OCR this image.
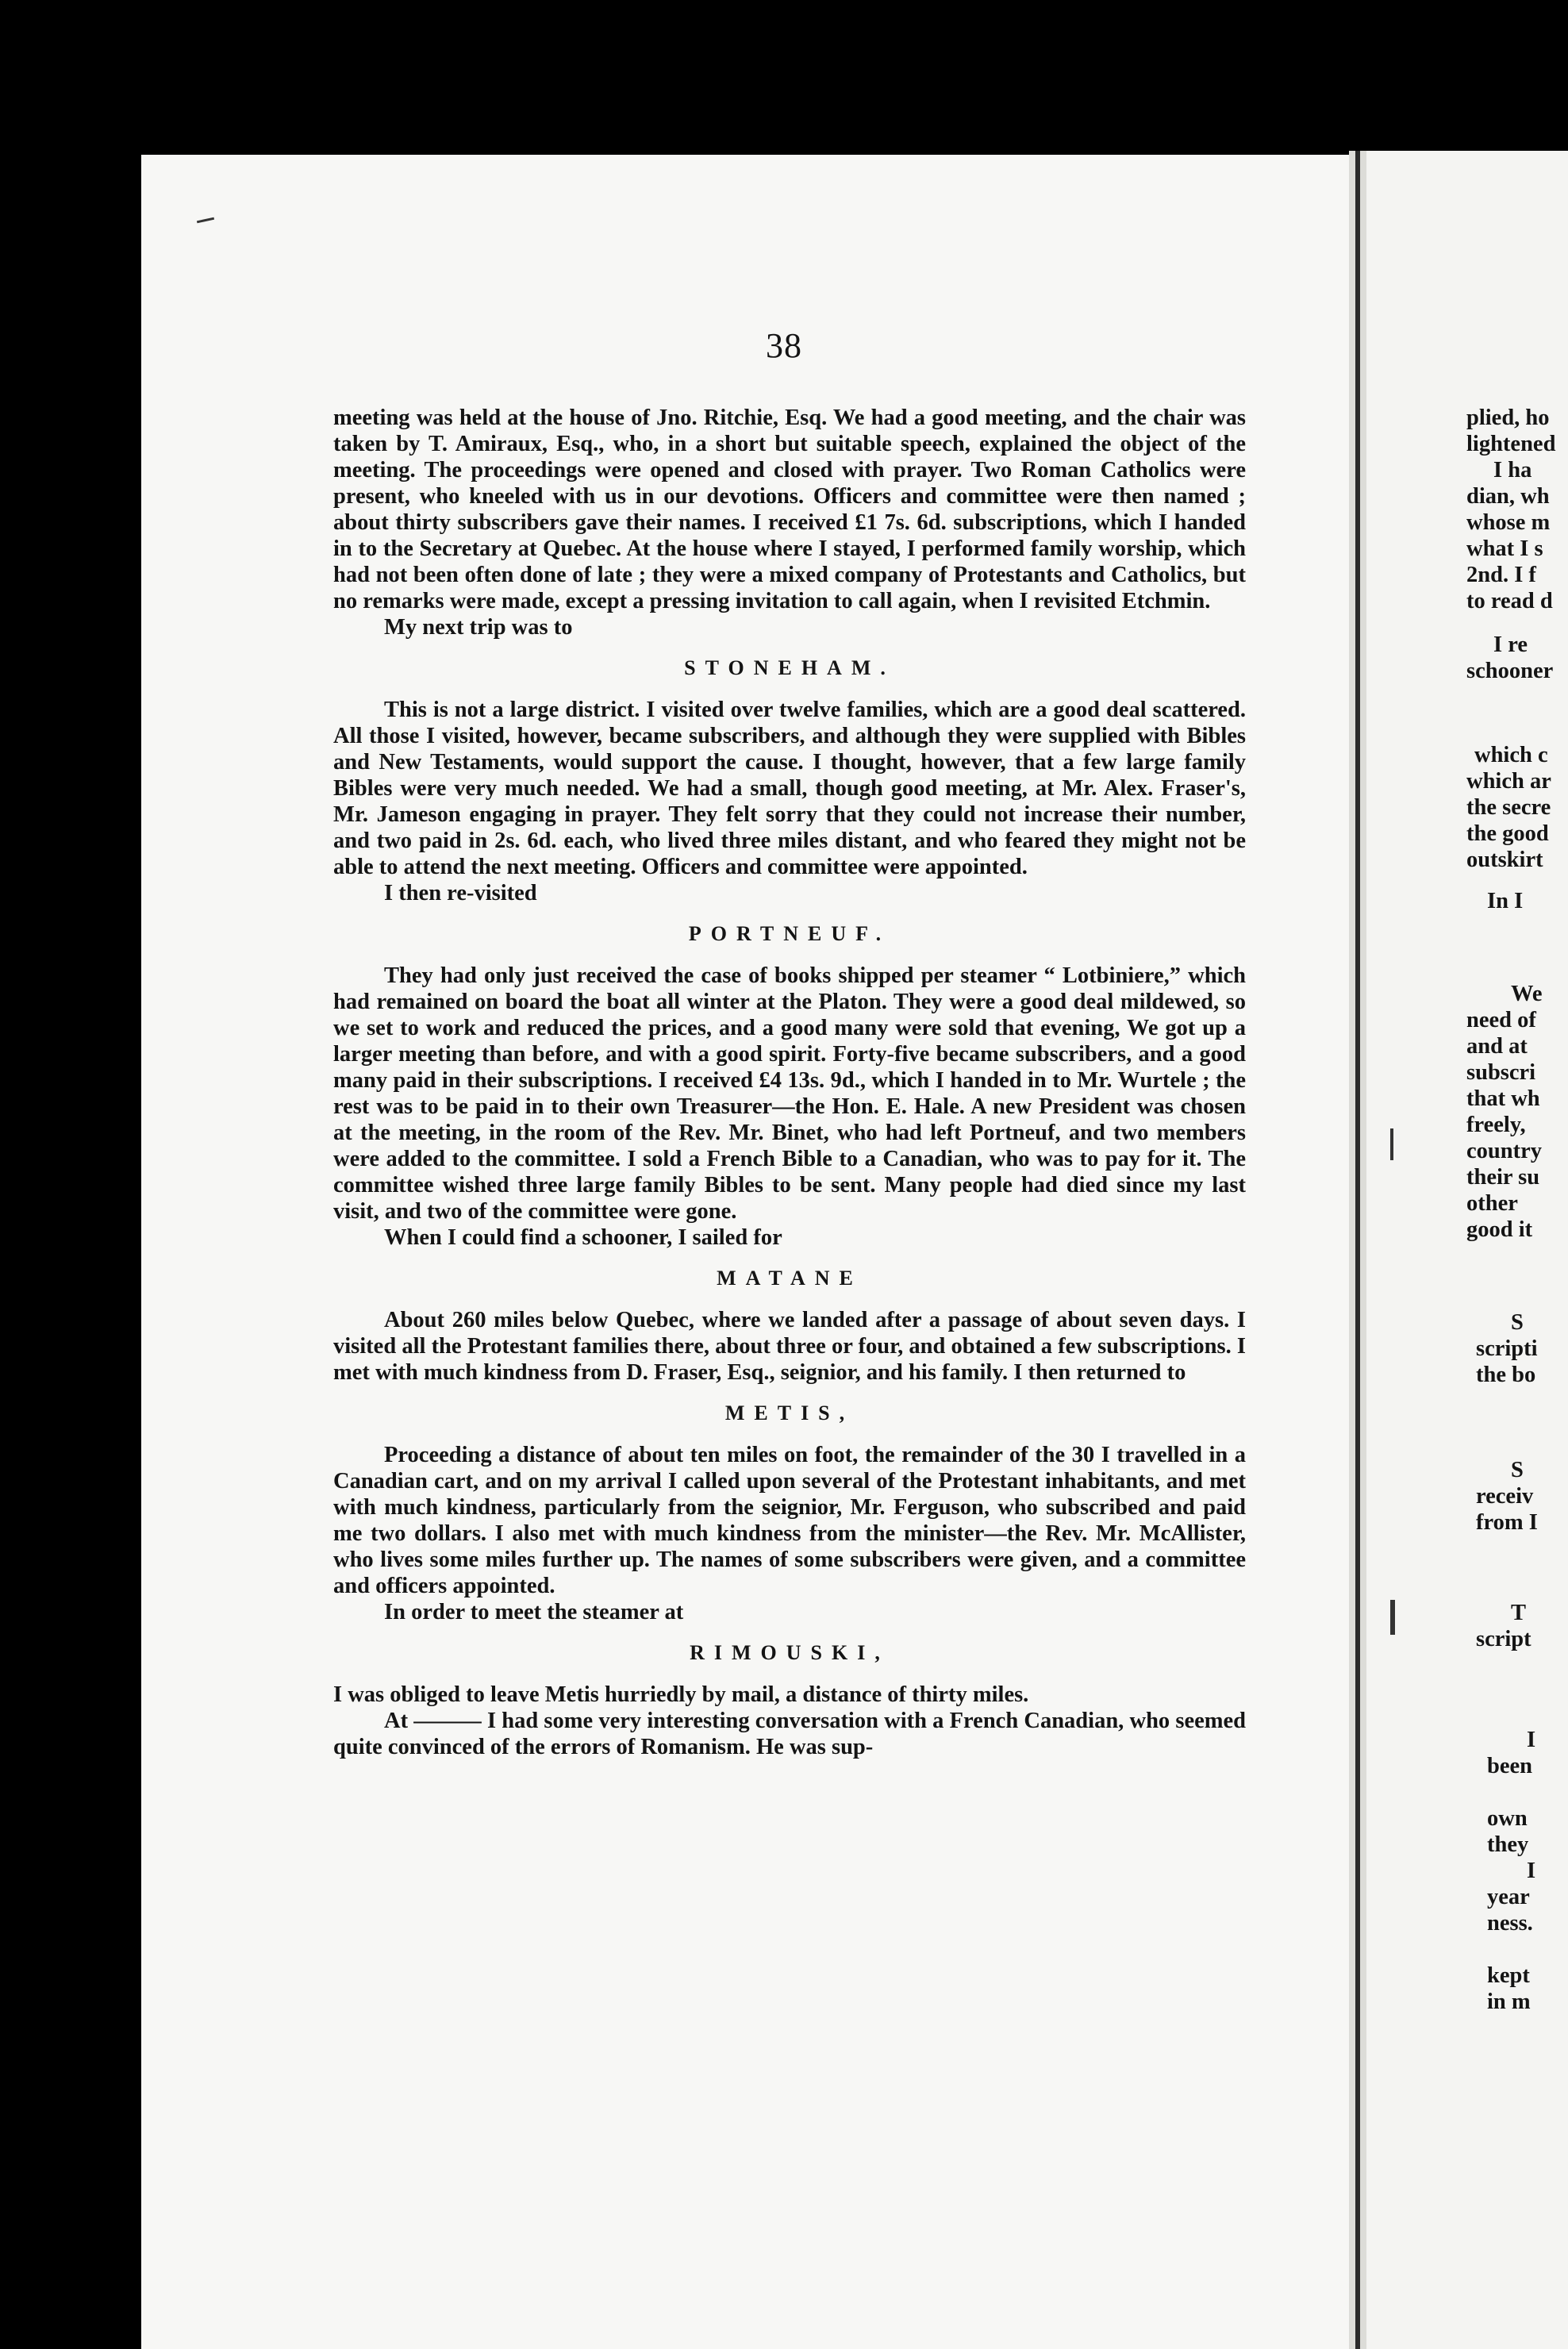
38

meeting was held at the house of Jno. Ritchie, Esq. We had a good meeting, and the chair was taken by T. Amiraux, Esq., who, in a short but suitable speech, explained the object of the meeting. The proceedings were opened and closed with prayer. Two Roman Catholics were present, who kneeled with us in our devotions. Officers and committee were then named ; about thirty subscribers gave their names. I received £1 7s. 6d. subscriptions, which I handed in to the Secretary at Quebec. At the house where I stayed, I performed family worship, which had not been often done of late ; they were a mixed company of Protestants and Catholics, but no remarks were made, except a pressing invitation to call again, when I revisited Etchmin.

My next trip was to

STONEHAM.

This is not a large district. I visited over twelve families, which are a good deal scattered. All those I visited, however, became subscribers, and although they were supplied with Bibles and New Testaments, would support the cause. I thought, however, that a few large family Bibles were very much needed. We had a small, though good meeting, at Mr. Alex. Fraser's, Mr. Jameson engaging in prayer. They felt sorry that they could not increase their number, and two paid in 2s. 6d. each, who lived three miles distant, and who feared they might not be able to attend the next meeting. Officers and committee were appointed.

I then re-visited

PORTNEUF.

They had only just received the case of books shipped per steamer “ Lotbiniere,” which had remained on board the boat all winter at the Platon. They were a good deal mildewed, so we set to work and reduced the prices, and a good many were sold that evening, We got up a larger meeting than before, and with a good spirit. Forty-five became subscribers, and a good many paid in their subscriptions. I received £4 13s. 9d., which I handed in to Mr. Wurtele ; the rest was to be paid in to their own Treasurer—the Hon. E. Hale. A new President was chosen at the meeting, in the room of the Rev. Mr. Binet, who had left Portneuf, and two members were added to the committee. I sold a French Bible to a Canadian, who was to pay for it. The committee wished three large family Bibles to be sent. Many people had died since my last visit, and two of the committee were gone.

When I could find a schooner, I sailed for

MATANE

About 260 miles below Quebec, where we landed after a passage of about seven days. I visited all the Protestant families there, about three or four, and obtained a few subscriptions. I met with much kindness from D. Fraser, Esq., seignior, and his family. I then returned to

METIS,

Proceeding a distance of about ten miles on foot, the remainder of the 30 I travelled in a Canadian cart, and on my arrival I called upon several of the Protestant inhabitants, and met with much kindness, particularly from the seignior, Mr. Ferguson, who subscribed and paid me two dollars. I also met with much kindness from the minister—the Rev. Mr. McAllister, who lives some miles further up. The names of some subscribers were given, and a committee and officers appointed.

In order to meet the steamer at

RIMOUSKI,

I was obliged to leave Metis hurriedly by mail, a distance of thirty miles.

At ——— I had some very interesting conversation with a French Canadian, who seemed quite convinced of the errors of Romanism. He was sup-

plied, ho
lightened
I ha
dian, wh
whose m
what I s
2nd. I f
to read d
I re
schooner
which c
which ar
the secre
the good
outskirt
In I
We
need of
and at
subscri
that wh
freely,
country
their su
other
good it
S
scripti
the bo
S
receiv
from I
T
script
I
been
own
they
I
year
ness.
kept
in m
